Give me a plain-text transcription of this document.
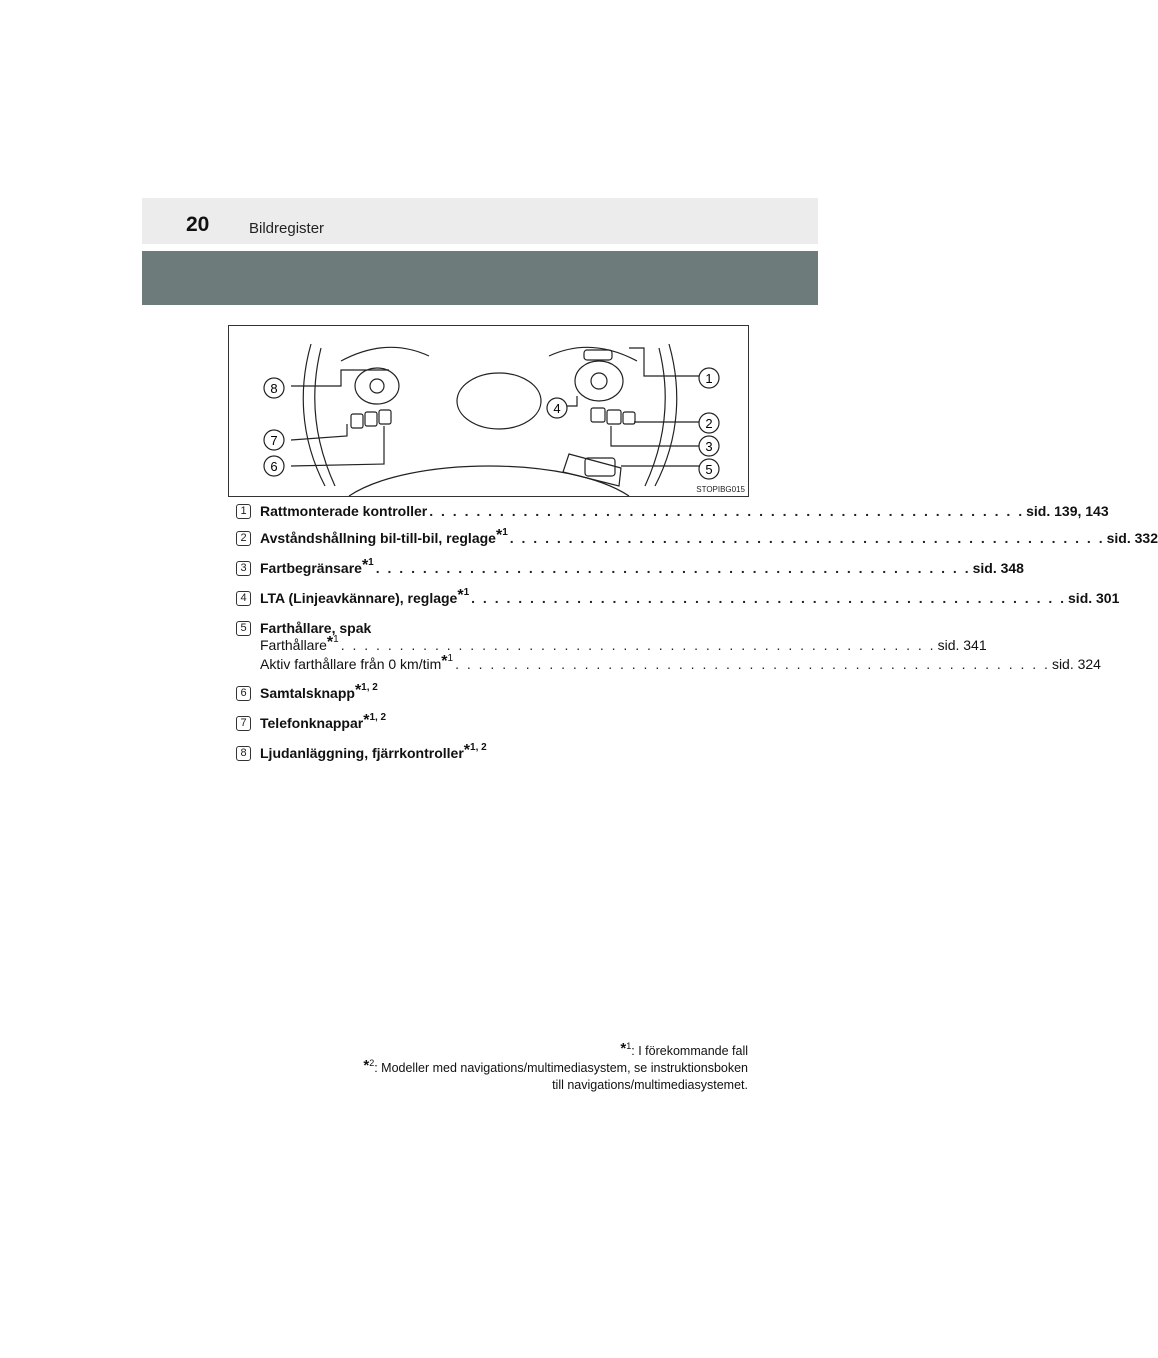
20	Bildregister
8
7
6
4
1
2
3
5
STOPIBG015
1 Rattmonterade kontroller . . . . . . . . . . . . . . . . . . . . . . . . . . . . . . . . . . . . . . . . . . . . . . . . . . . sid. 139, 143
2 Avståndshållning bil-till-bil, reglage * 1 . . . . . . . . . . . . . . . . . . . . . . . . . . . . . . . . . . . . . . . . . . . . . . . . . . . sid. 332
3 Fartbegränsare * 1 . . . . . . . . . . . . . . . . . . . . . . . . . . . . . . . . . . . . . . . . . . . . . . . . . . . sid. 348
4 LTA (Linjeavkännare), reglage * 1 . . . . . . . . . . . . . . . . . . . . . . . . . . . . . . . . . . . . . . . . . . . . . . . . . . . sid. 301
5 Farthållare, spak
Farthållare * 1 . . . . . . . . . . . . . . . . . . . . . . . . . . . . . . . . . . . . . . . . . . . . . . . . . . . sid. 341
Aktiv farthållare från 0 km/tim * 1 . . . . . . . . . . . . . . . . . . . . . . . . . . . . . . . . . . . . . . . . . . . . . . . . . . . sid. 324
6 Samtalsknapp * 1, 2
7 Telefonknappar * 1, 2
8 Ljudanläggning, fjärrkontroller * 1, 2
*$^1$: I förekommande fall
*$^2$: Modeller med navigations/multimediasystem, se instruktionsboken
till navigations/multimediasystemet.
